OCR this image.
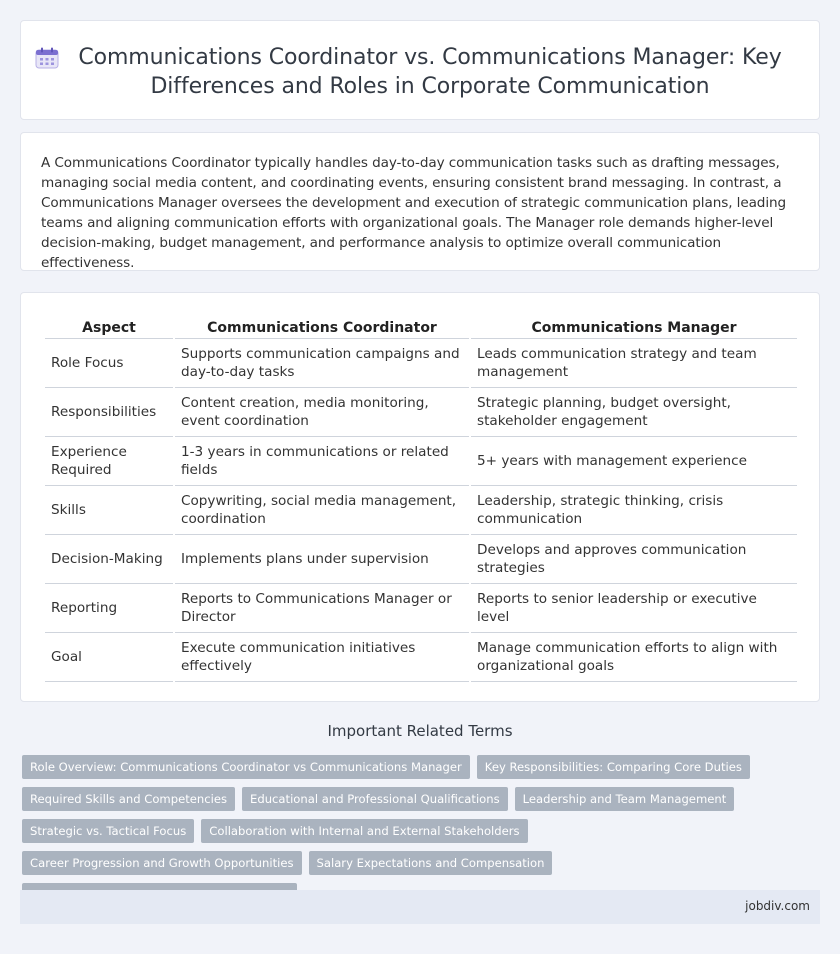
Communications Coordinator vs. Communications Manager: Key Differences and Roles in Corporate Communication

A Communications Coordinator typically handles day-to-day communication tasks such as drafting messages, managing social media content, and coordinating events, ensuring consistent brand messaging. In contrast, a Communications Manager oversees the development and execution of strategic communication plans, leading teams and aligning communication efforts with organizational goals. The Manager role demands higher-level decision-making, budget management, and performance analysis to optimize overall communication effectiveness.

Aspect	Communications Coordinator	Communications Manager
Role Focus	Supports communication campaigns and day-to-day tasks	Leads communication strategy and team management
Responsibilities	Content creation, media monitoring, event coordination	Strategic planning, budget oversight, stakeholder engagement
Experience Required	1-3 years in communications or related fields	5+ years with management experience
Skills	Copywriting, social media management, coordination	Leadership, strategic thinking, crisis communication
Decision-Making	Implements plans under supervision	Develops and approves communication strategies
Reporting	Reports to Communications Manager or Director	Reports to senior leadership or executive level
Goal	Execute communication initiatives effectively	Manage communication efforts to align with organizational goals
Important Related Terms
Role Overview: Communications Coordinator vs Communications Manager	Key Responsibilities: Comparing Core Duties
Required Skills and Competencies	Educational and Professional Qualifications	Leadership and Team Management
Strategic vs. Tactical Focus	Collaboration with Internal and External Stakeholders
Career Progression and Growth Opportunities	Salary Expectations and Compensation
jobdiv.com
